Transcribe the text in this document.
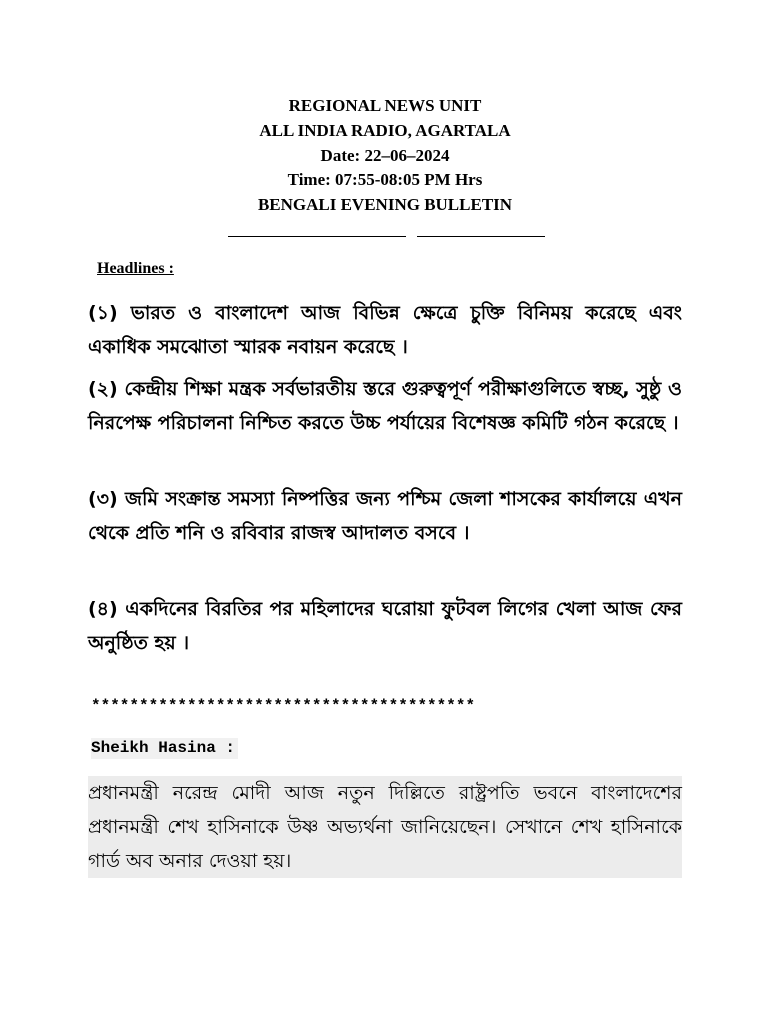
REGIONAL NEWS UNIT
ALL INDIA RADIO, AGARTALA
Date: 22–06–2024
Time: 07:55-08:05 PM Hrs
BENGALI EVENING BULLETIN
Headlines :

(১) ভারত ও বাংলাদেশ আজ বিভিন্ন ক্ষেত্রে চুক্তি বিনিময় করেছে এবং একাধিক সমঝোতা স্মারক নবায়ন করেছে ।

(২) কেন্দ্রীয় শিক্ষা মন্ত্রক সর্বভারতীয় স্তরে গুরুত্বপূর্ণ পরীক্ষাগুলিতে স্বচ্ছ, সুষ্ঠু ও নিরপেক্ষ পরিচালনা নিশ্চিত করতে উচ্চ পর্যায়ের বিশেষজ্ঞ কমিটি গঠন করেছে ।

(৩) জমি সংক্রান্ত সমস্যা নিষ্পত্তির জন্য পশ্চিম জেলা শাসকের কার্যালয়ে এখন থেকে প্রতি শনি ও রবিবার রাজস্ব আদালত বসবে ।

(৪) একদিনের বিরতির পর মহিলাদের ঘরোয়া ফুটবল লিগের খেলা আজ ফের অনুষ্ঠিত হয় ।

****************************************
Sheikh Hasina :

প্রধানমন্ত্রী নরেন্দ্র মোদী আজ নতুন দিল্লিতে রাষ্ট্রপতি ভবনে বাংলাদেশের প্রধানমন্ত্রী শেখ হাসিনাকে উষ্ণ অভ্যর্থনা জানিয়েছেন। সেখানে শেখ হাসিনাকে গার্ড অব অনার দেওয়া হয়।
